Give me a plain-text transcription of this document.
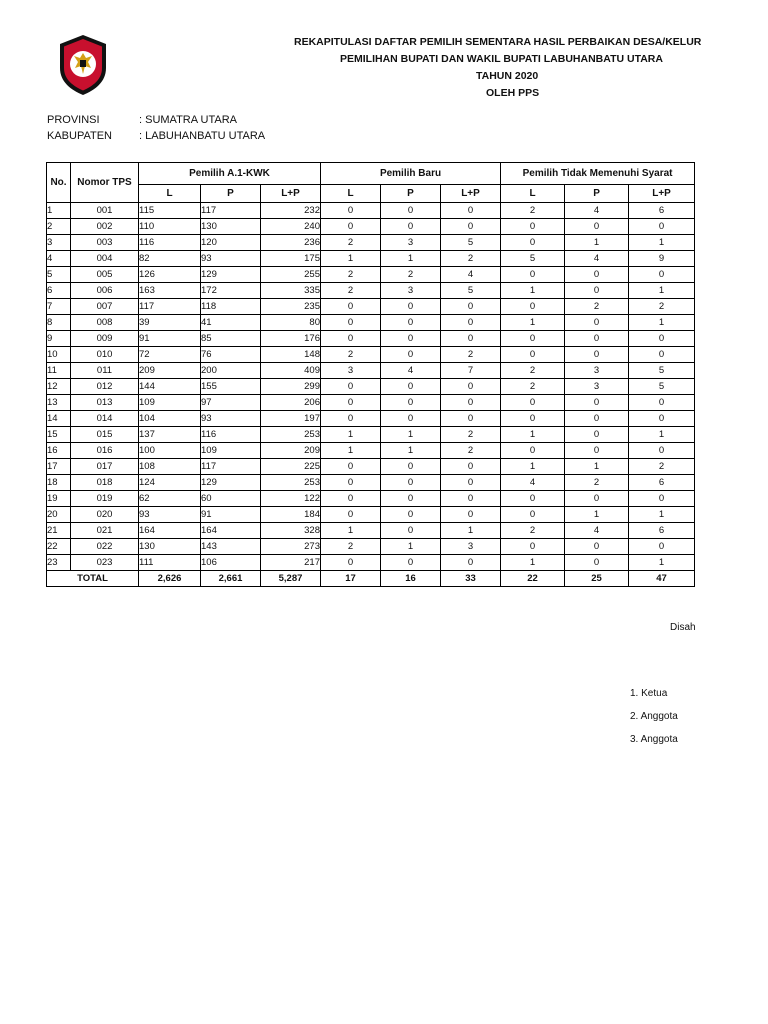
REKAPITULASI DAFTAR PEMILIH SEMENTARA HASIL PERBAIKAN DESA/KELUR
PEMILIHAN BUPATI DAN WAKIL BUPATI LABUHANBATU UTARA
TAHUN 2020
OLEH PPS
PROVINSI	: SUMATRA UTARA
KABUPATEN	: LABUHANBATU UTARA
No.	Nomor TPS	Pemilih A.1-KWK			Pemilih Baru			Pemilih Tidak Memenuhi Syarat		
		L	P	L+P	L	P	L+P	L	P	L+P
1	001	115	117	232	0	0	0	2	4	6
2	002	110	130	240	0	0	0	0	0	0
3	003	116	120	236	2	3	5	0	1	1
4	004	82	93	175	1	1	2	5	4	9
5	005	126	129	255	2	2	4	0	0	0
6	006	163	172	335	2	3	5	1	0	1
7	007	117	118	235	0	0	0	0	2	2
8	008	39	41	80	0	0	0	1	0	1
9	009	91	85	176	0	0	0	0	0	0
10	010	72	76	148	2	0	2	0	0	0
11	011	209	200	409	3	4	7	2	3	5
12	012	144	155	299	0	0	0	2	3	5
13	013	109	97	206	0	0	0	0	0	0
14	014	104	93	197	0	0	0	0	0	0
15	015	137	116	253	1	1	2	1	0	1
16	016	100	109	209	1	1	2	0	0	0
17	017	108	117	225	0	0	0	1	1	2
18	018	124	129	253	0	0	0	4	2	6
19	019	62	60	122	0	0	0	0	0	0
20	020	93	91	184	0	0	0	0	1	1
21	021	164	164	328	1	0	1	2	4	6
22	022	130	143	273	2	1	3	0	0	0
23	023	111	106	217	0	0	0	1	0	1
TOTAL		2,626	2,661	5,287	17	16	33	22	25	47
Disah
1. Ketua
2. Anggota
3. Anggota
